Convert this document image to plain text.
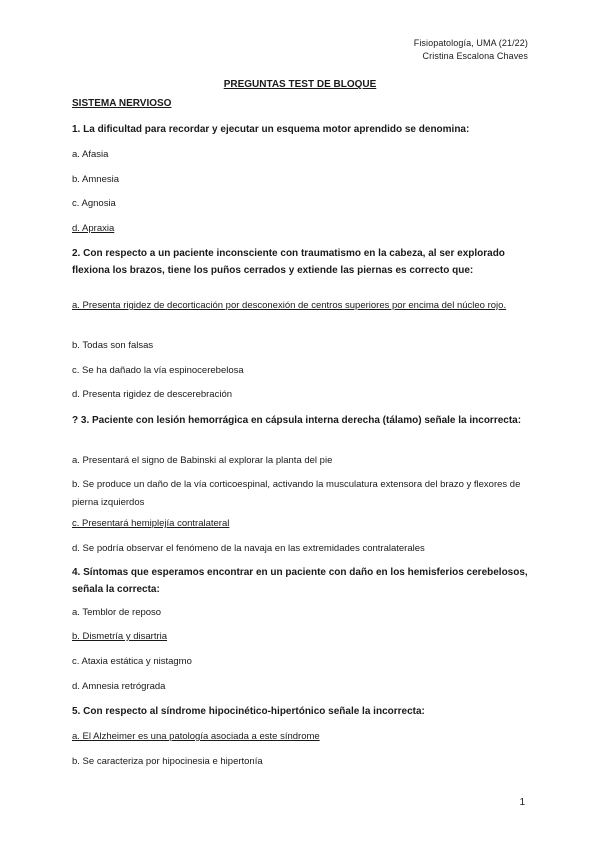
Fisiopatología, UMA (21/22)
Cristina Escalona Chaves
PREGUNTAS TEST DE BLOQUE
SISTEMA NERVIOSO
1. La dificultad para recordar y ejecutar un esquema motor aprendido se denomina:
a. Afasia
b. Amnesia
c. Agnosia
d. Apraxia
2. Con respecto a un paciente inconsciente con traumatismo en la cabeza, al ser explorado flexiona los brazos, tiene los puños cerrados y extiende las piernas es correcto que:
a. Presenta rigidez de decorticación por desconexión de centros superiores por encima del núcleo rojo.
b. Todas son falsas
c. Se ha dañado la vía espinocerebelosa
d. Presenta rigidez de descerebración
? 3. Paciente con lesión hemorrágica en cápsula interna derecha (tálamo) señale la incorrecta:
a. Presentará el signo de Babinski al explorar la planta del pie
b. Se produce un daño de la vía corticoespinal, activando la musculatura extensora del brazo y flexores de pierna izquierdos
c. Presentará hemiplejía contralateral
d. Se podría observar el fenómeno de la navaja en las extremidades contralaterales
4. Síntomas que esperamos encontrar en un paciente con daño en los hemisferios cerebelosos, señala la correcta:
a. Temblor de reposo
b. Dismetría y disartria
c. Ataxia estática y nistagmo
d. Amnesia retrógrada
5. Con respecto al síndrome hipocinético-hipertónico señale la incorrecta:
a. El Alzheimer es una patología asociada a este síndrome
b. Se caracteriza por hipocinesia e hipertonía
1
